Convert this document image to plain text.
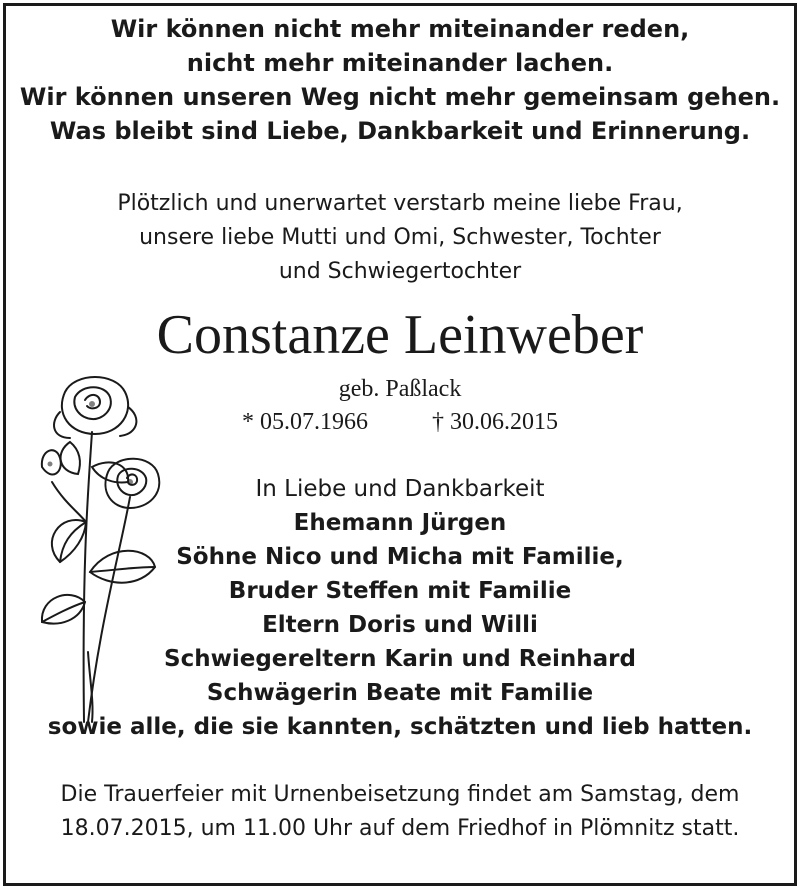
Wir können nicht mehr miteinander reden,
nicht mehr miteinander lachen.
Wir können unseren Weg nicht mehr gemeinsam gehen.
Was bleibt sind Liebe, Dankbarkeit und Erinnerung.
Plötzlich und unerwartet verstarb meine liebe Frau,
unsere liebe Mutti und Omi, Schwester, Tochter
und Schwiegertochter
Constanze Leinweber
geb. Paßlack
* 05.07.1966	† 30.06.2015
In Liebe und Dankbarkeit
Ehemann Jürgen
Söhne Nico und Micha mit Familie,
Bruder Steffen mit Familie
Eltern Doris und Willi
Schwiegereltern Karin und Reinhard
Schwägerin Beate mit Familie
sowie alle, die sie kannten, schätzten und lieb hatten.
Die Trauerfeier mit Urnenbeisetzung findet am Samstag, dem
18.07.2015, um 11.00 Uhr auf dem Friedhof in Plömnitz statt.
